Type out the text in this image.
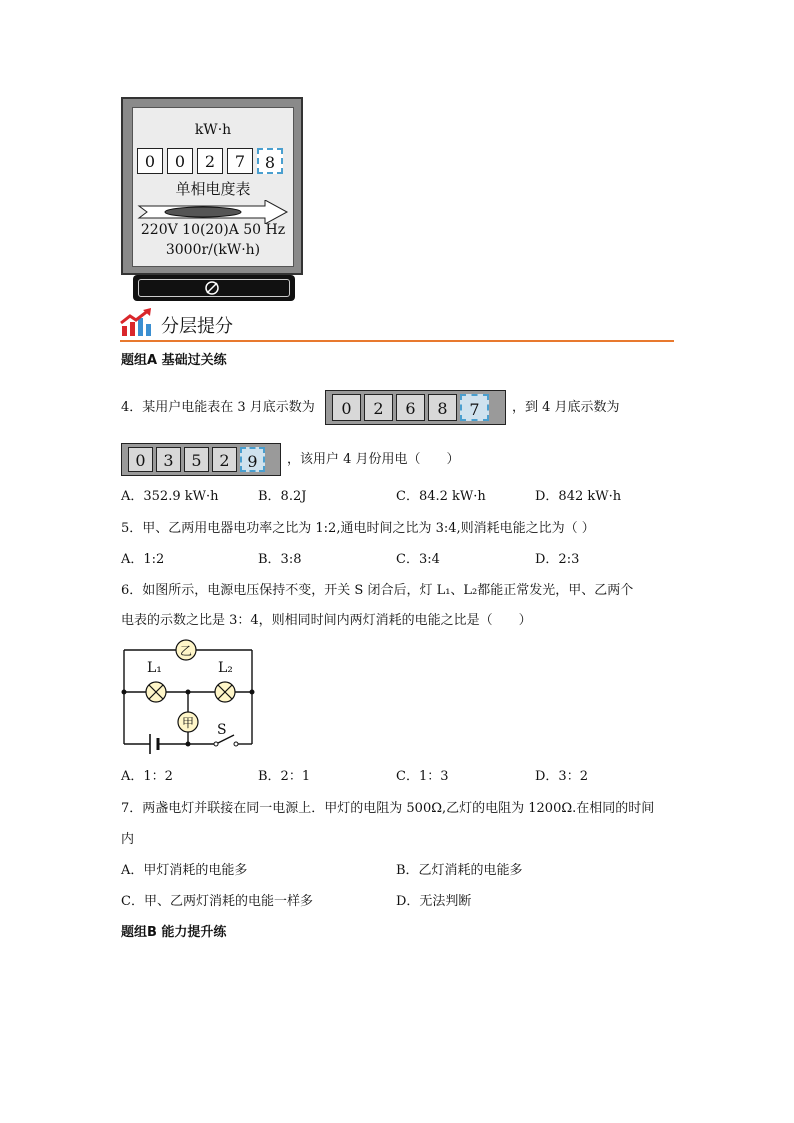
kW·h
0	0	2	7	8
单相电度表
220V 10(20)A 50 Hz
3000r/(kW·h)
分层提分
题组A 基础过关练
4．某用户电能表在 3 月底示数为	0	2	6	8	7	，到 4 月底示数为
0	3	5	2	9	，该用户 4 月份用电（　　）
A．352.9 kW·h	B．8.2J	C．84.2 kW·h	D．842 kW·h
5．甲、乙两用电器电功率之比为 1:2,通电时间之比为 3:4,则消耗电能之比为（ ）
A．1:2	B．3:8	C．3:4	D．2:3
6．如图所示，电源电压保持不变，开关 S 闭合后，灯 L₁、L₂都能正常发光，甲、乙两个
电表的示数之比是 3：4，则相同时间内两灯消耗的电能之比是（　　）
乙
甲
L₁	L₂
S
A．1：2	B．2：1	C．1：3	D．3：2
7．两盏电灯并联接在同一电源上．甲灯的电阻为 500Ω,乙灯的电阻为 1200Ω.在相同的时间
内
A．甲灯消耗的电能多	B．乙灯消耗的电能多
C．甲、乙两灯消耗的电能一样多	D．无法判断
题组B 能力提升练
